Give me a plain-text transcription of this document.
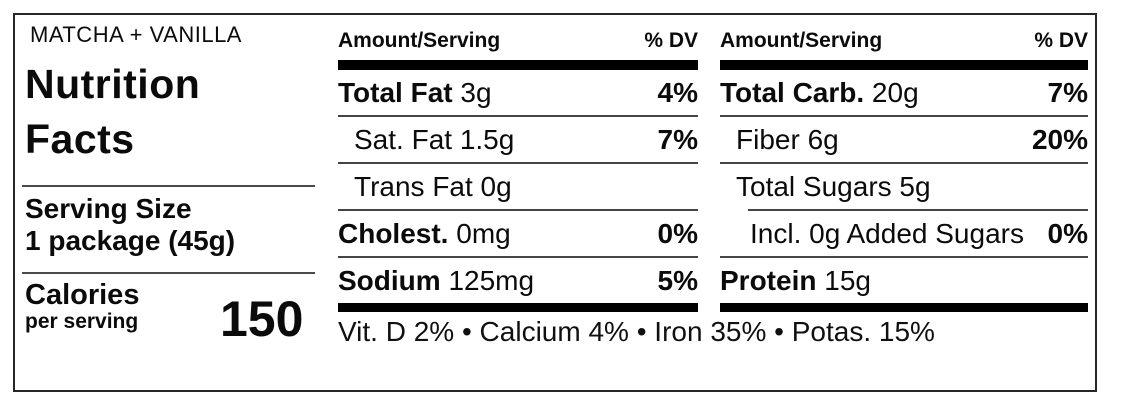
MATCHA + VANILLA
Nutrition
Facts
Serving Size
1 package (45g)
Calories
per serving 150
Amount/Serving	% DV
Total Fat 3g	4%
Sat. Fat 1.5g	7%
Trans Fat 0g
Cholest. 0mg	0%
Sodium 125mg	5%
Amount/Serving	% DV
Total Carb. 20g	7%
Fiber 6g	20%
Total Sugars 5g
Incl. 0g Added Sugars 0%
Protein 15g
Vit. D 2% • Calcium 4% • Iron 35% • Potas. 15%
